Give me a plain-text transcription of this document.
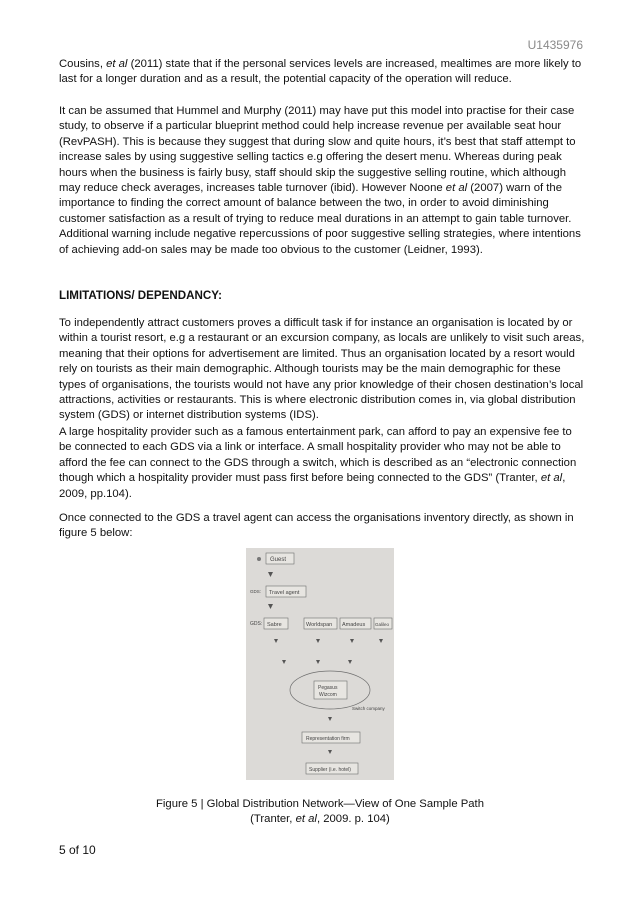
U1435976

Cousins, et al (2011) state that if the personal services levels are increased, mealtimes are more likely to last for a longer duration and as a result, the potential capacity of the operation will reduce.

It can be assumed that Hummel and Murphy (2011) may have put this model into practise for their case study, to observe if a particular blueprint method could help increase revenue per available seat hour (RevPASH). This is because they suggest that during slow and quite hours, it’s best that staff attempt to increase sales by using suggestive selling tactics e.g offering the desert menu. Whereas during peak hours when the business is fairly busy, staff should skip the suggestive selling routine, which although may reduce check averages, increases table turnover (ibid). However Noone et al (2007) warn of the importance to finding the correct amount of balance between the two, in order to avoid diminishing customer satisfaction as a result of trying to reduce meal durations in an attempt to gain table turnover. Additional warning include negative repercussions of poor suggestive selling strategies, where intentions of achieving add-on sales may be made too obvious to the customer (Leidner, 1993).

LIMITATIONS/ DEPENDANCY:

To independently attract customers proves a difficult task if for instance an organisation is located by or within a tourist resort, e.g a restaurant or an excursion company, as locals are unlikely to visit such areas, meaning that their options for advertisement are limited. Thus an organisation located by a resort would rely on tourists as their main demographic. Although tourists may be the main demographic for these types of organisations, the tourists would not have any prior knowledge of their chosen destination’s local attractions, activities or restaurants. This is where electronic distribution comes in, via global distribution system (GDS) or internet distribution systems (IDS).

A large hospitality provider such as a famous entertainment park, can afford to pay an expensive fee to be connected to each GDS via a link or interface. A small hospitality provider who may not be able to afford the fee can connect to the GDS through a switch, which is described as an “electronic connection though which a hospitality provider must pass first before being connected to the GDS” (Tranter, et al, 2009, pp.104).

Once connected to the GDS a travel agent can access the organisations inventory directly, as shown in figure 5 below:

Guest
GDS: Travel agent
GDS: Sabre	Worldspan Amadeus Galileo
Pegasus
Wizcom
Switch company
Representation firm
Supplier (i.e. hotel)

Figure 5 | Global Distribution Network—View of One Sample Path
(Tranter, et al, 2009. p. 104)

5 of 10
